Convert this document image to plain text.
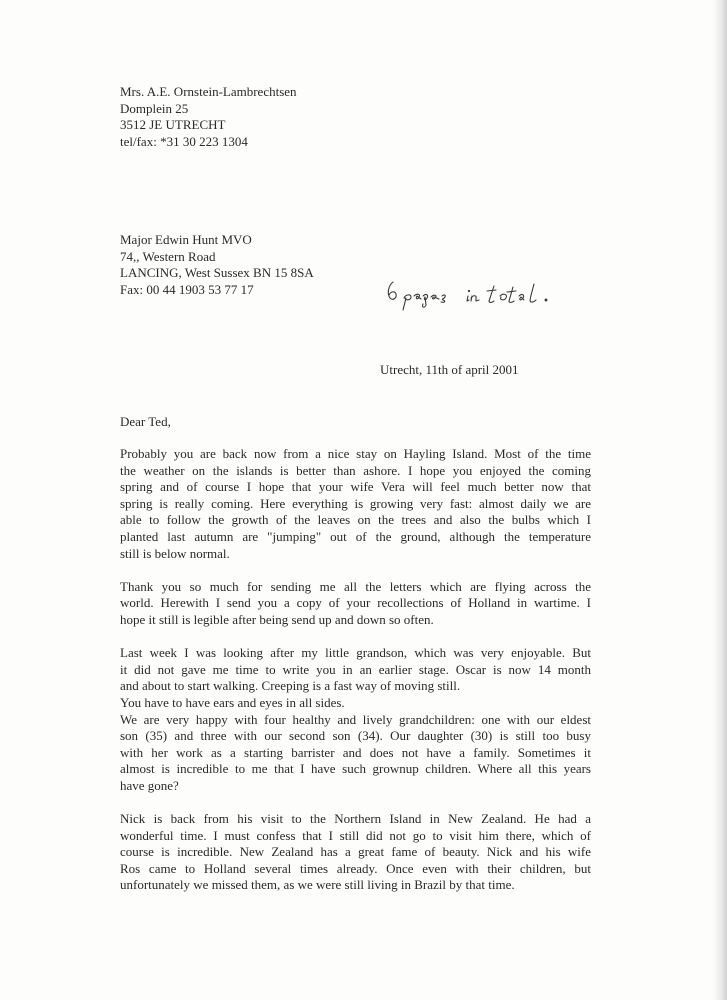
Mrs. A.E. Ornstein-Lambrechtsen
Domplein 25
3512 JE UTRECHT
tel/fax: *31 30 223 1304
Major Edwin Hunt MVO
74,, Western Road
LANCING, West Sussex BN 15 8SA
Fax: 00 44 1903 53 77 17
Utrecht, 11th of april 2001
Dear Ted,
Probably you are back now from a nice stay on Hayling Island. Most of the time
the weather on the islands is better than ashore. I hope you enjoyed the coming
spring and of course I hope that your wife Vera will feel much better now that
spring is really coming. Here everything is growing very fast: almost daily we are
able to follow the growth of the leaves on the trees and also the bulbs which I
planted last autumn are "jumping" out of the ground, although the temperature
still is below normal.
Thank you so much for sending me all the letters which are flying across the
world. Herewith I send you a copy of your recollections of Holland in wartime. I
hope it still is legible after being send up and down so often.
Last week I was looking after my little grandson, which was very enjoyable. But
it did not gave me time to write you in an earlier stage. Oscar is now 14 month
and about to start walking. Creeping is a fast way of moving still.
You have to have ears and eyes in all sides.
We are very happy with four healthy and lively grandchildren: one with our eldest
son (35) and three with our second son (34). Our daughter (30) is still too busy
with her work as a starting barrister and does not have a family. Sometimes it
almost is incredible to me that I have such grownup children. Where all this years
have gone?
Nick is back from his visit to the Northern Island in New Zealand. He had a
wonderful time. I must confess that I still did not go to visit him there, which of
course is incredible. New Zealand has a great fame of beauty. Nick and his wife
Ros came to Holland several times already. Once even with their children, but
unfortunately we missed them, as we were still living in Brazil by that time.
